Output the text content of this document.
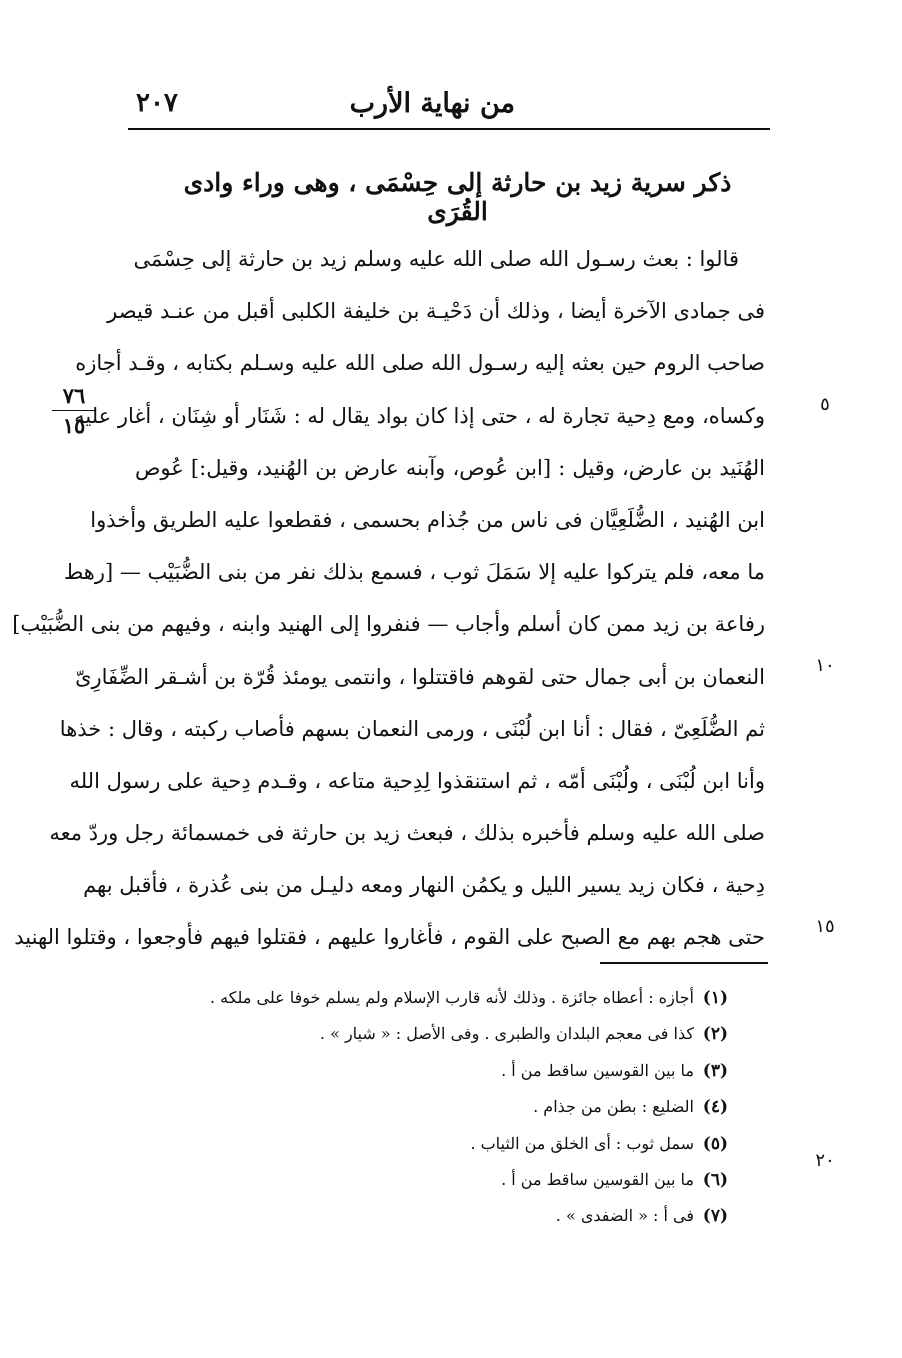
من نهاية الأرب
٢٠٧
ذكر سرية زيد بن حارثة إلى حِسْمَى ، وهى وراء وادى القُرَى
قالوا : بعث رسـول الله صلى الله عليه وسلم زيد بن حارثة إلى حِسْمَى
فى جمادى الآخرة أيضا ، وذلك أن دَحْيـة بن خليفة الكلبى أقبل من عنـد قيصر
صاحب الروم حين بعثه إليه رسـول الله صلى الله عليه وسـلم بكتابه ، وقـد أجازه
وكساه، ومع دِحية تجارة له ، حتى إذا كان بواد يقال له : شَنَار أو شِنَان ، أغار عليه
الهُنَيد بن عارض، وقيل : [ابن عُوص، وآبنه عارض بن الهُنيد، وقيل:] عُوص
ابن الهُنيد ، الضُّلَعِيَّان فى ناس من جُذام بحسمى ، فقطعوا عليه الطريق وأخذوا
ما معه، فلم يتركوا عليه إلا سَمَلَ ثوب ، فسمع بذلك نفر من بنى الضُّبَيْب — [رهط
رفاعة بن زيد ممن كان أسلم وأجاب — فنفروا إلى الهنيد وابنه ، وفيهم من بنى الضُّبَيْب]
النعمان بن أبى جمال حتى لقوهم فاقتتلوا ، وانتمى يومئذ قُرّة بن أشـقر الضِّفَارِىّ
ثم الضُّلَعِىّ ، فقال : أنا ابن لُبْنَى ، ورمى النعمان بسهم فأصاب ركبته ، وقال : خذها
وأنا ابن لُبْنَى ، ولُبْنَى أمّه ، ثم استنقذوا لِدِحية متاعه ، وقـدم دِحية على رسول الله
صلى الله عليه وسلم فأخبره بذلك ، فبعث زيد بن حارثة فى خمسمائة رجل وردّ معه
دِحية ، فكان زيد يسير الليل و يكمُن النهار ومعه دليـل من بنى عُذرة ، فأقبل بهم
حتى هجم بهم مع الصبح على القوم ، فأغاروا عليهم ، فقتلوا فيهم فأوجعوا ، وقتلوا الهنيد
٥
١٠
١٥
٢٠
٧٦
١٥
(١)أجازه : أعطاه جائزة . وذلك لأنه قارب الإسلام ولم يسلم خوفا على ملكه .
(٢)كذا فى معجم البلدان والطبرى . وفى الأصل : « شيار » .
(٣)ما بين القوسين ساقط من أ .
(٤)الضليع : بطن من جذام .
(٥)سمل ثوب : أى الخلق من الثياب .
(٦)ما بين القوسين ساقط من أ .
(٧)فى أ : « الضفدى » .
